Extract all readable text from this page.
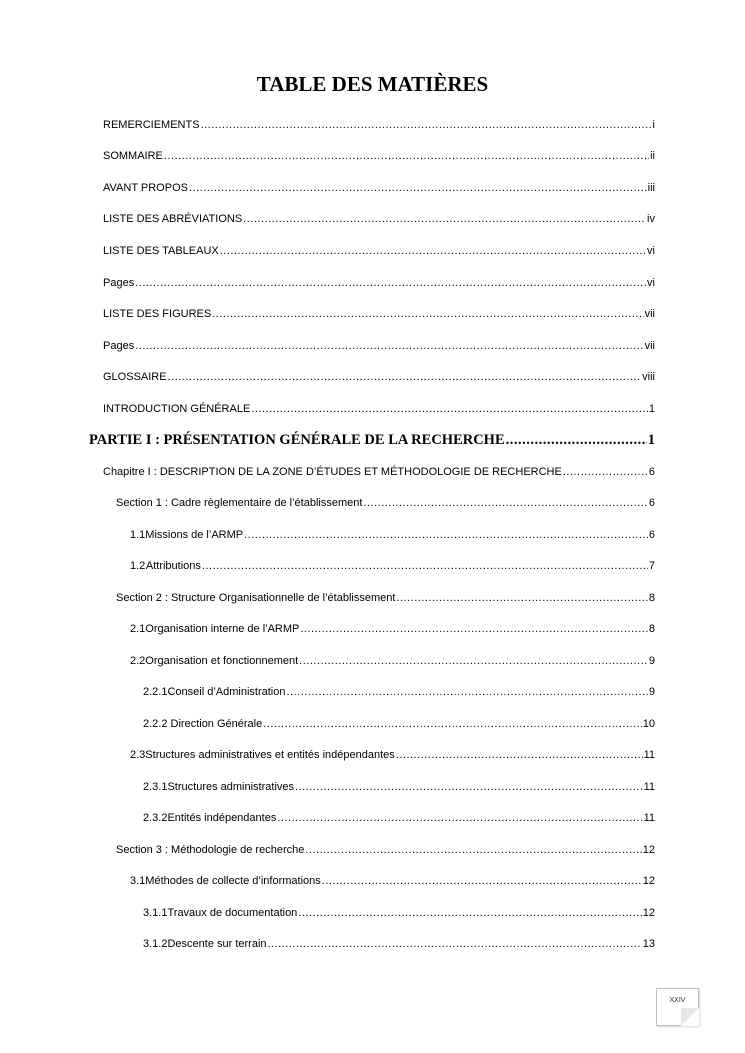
TABLE DES MATIÈRES
REMERCIEMENTS .....	i
SOMMAIRE .....	ii
AVANT PROPOS .....	iii
LISTE DES ABRÉVIATIONS .....	iv
LISTE DES TABLEAUX .....	vi
Pages .....	vi
LISTE DES FIGURES .....	vii
Pages .....	vii
GLOSSAIRE .....	viii
INTRODUCTION GÉNÉRALE .....	1
PARTIE I : PRÉSENTATION GÉNÉRALE DE LA RECHERCHE .....	1
Chapitre I : DESCRIPTION DE LA ZONE D’ÉTUDES ET MÉTHODOLOGIE DE RECHERCHE .....	6
Section 1 : Cadre règlementaire de l’établissement .....	6
1.1 Missions de l’ARMP .....	6
1.2 Attributions .....	7
Section 2 : Structure Organisationnelle de l’établissement .....	8
2.1 Organisation interne de l’ARMP .....	8
2.2 Organisation et fonctionnement .....	9
2.2.1 Conseil d’Administration .....	9
2.2.2 Direction Générale .....	10
2.3 Structures administratives et entités indépendantes .....	11
2.3.1 Structures administratives .....	11
2.3.2 Entités indépendantes .....	11
Section 3 : Méthodologie de recherche .....	12
3.1 Méthodes de collecte d’informations .....	12
3.1.1 Travaux de documentation .....	12
3.1.2 Descente sur terrain .....	13
XXIV
